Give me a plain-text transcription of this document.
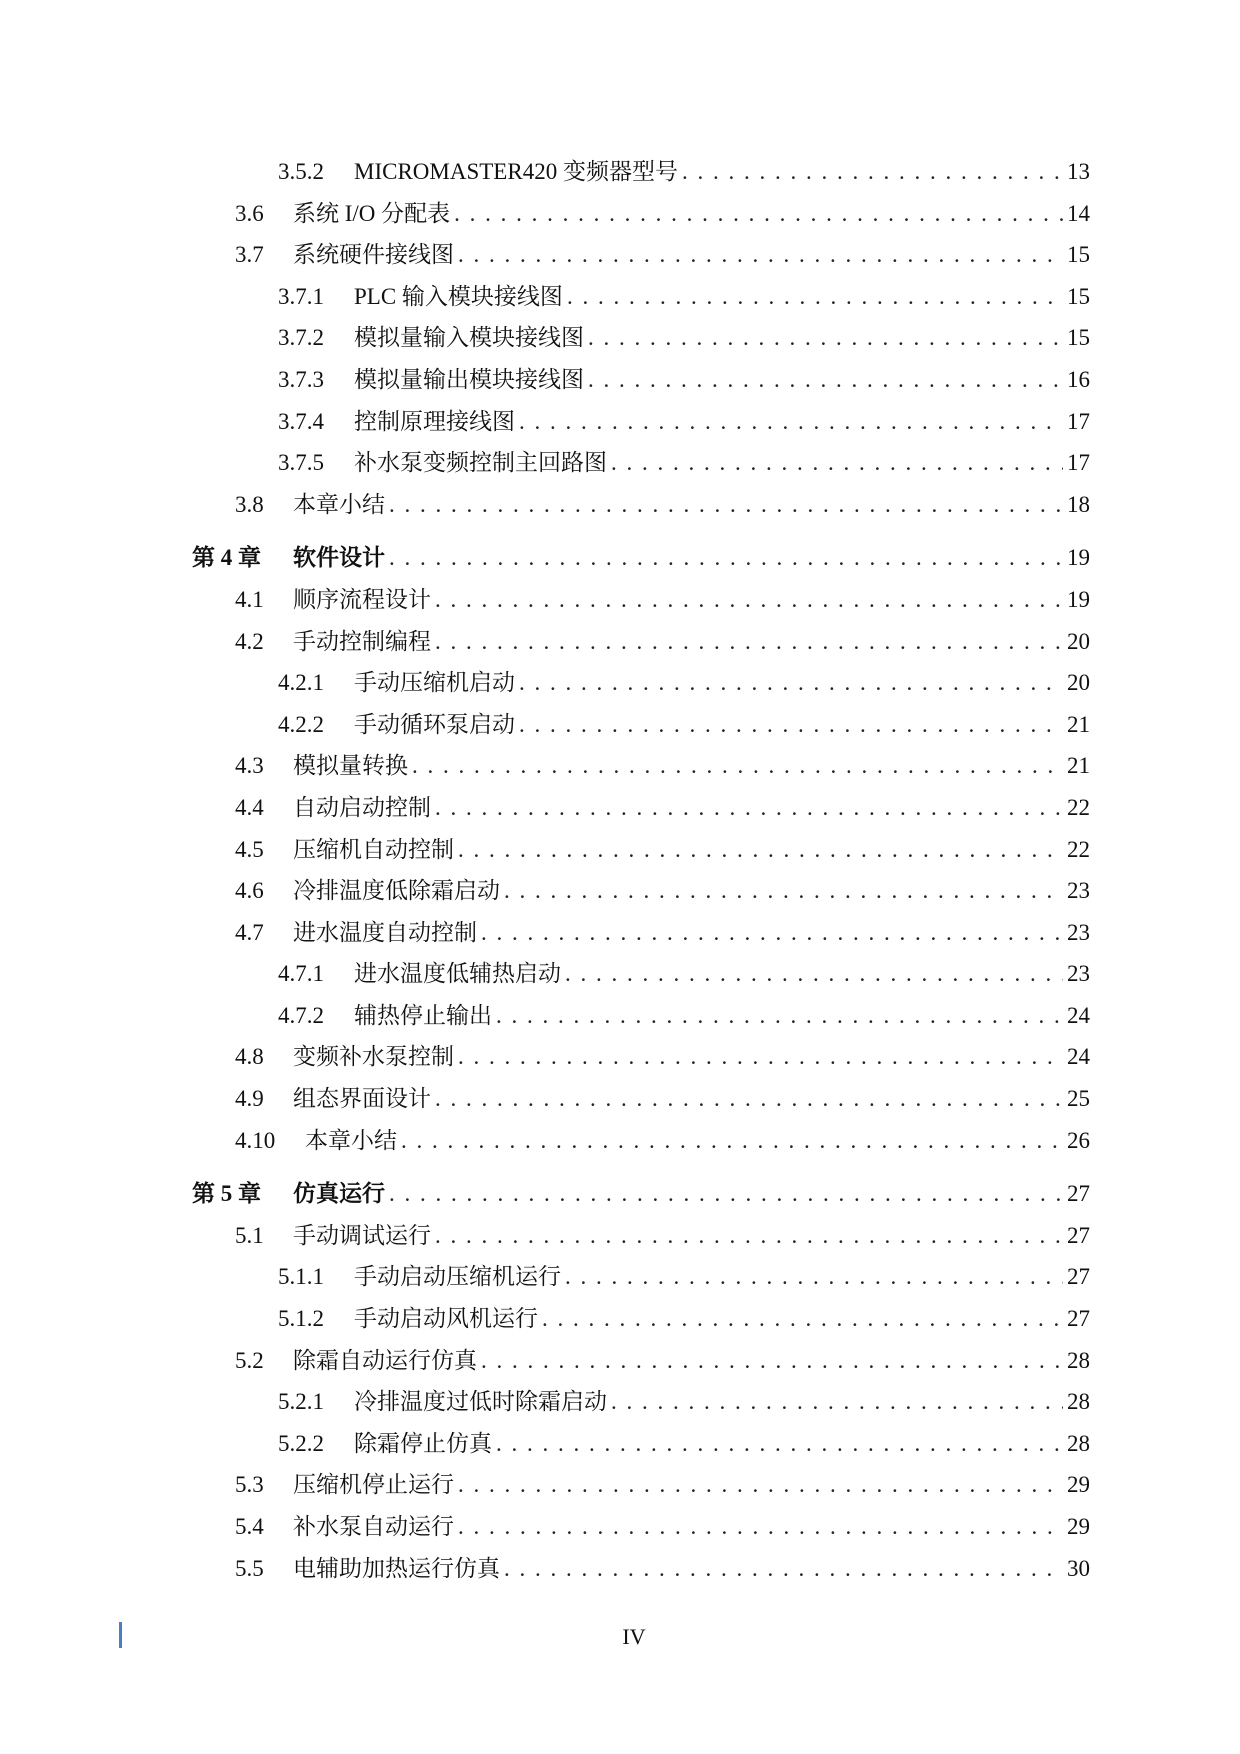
3.5.2	MICROMASTER420 变频器型号 . . .	13
3.6	系统 I/O 分配表 . . .	14
3.7	系统硬件接线图 . . .	15
3.7.1	PLC 输入模块接线图 . . .	15
3.7.2	模拟量输入模块接线图 . . .	15
3.7.3	模拟量输出模块接线图 . . .	16
3.7.4	控制原理接线图 . . .	17
3.7.5	补水泵变频控制主回路图 . . .	17
3.8	本章小结 . . .	18
第 4 章	软件设计 . . .	19
4.1	顺序流程设计 . . .	19
4.2	手动控制编程 . . .	20
4.2.1	手动压缩机启动 . . .	20
4.2.2	手动循环泵启动 . . .	21
4.3	模拟量转换 . . .	21
4.4	自动启动控制 . . .	22
4.5	压缩机自动控制 . . .	22
4.6	冷排温度低除霜启动 . . .	23
4.7	进水温度自动控制 . . .	23
4.7.1	进水温度低辅热启动 . . .	23
4.7.2	辅热停止输出 . . .	24
4.8	变频补水泵控制 . . .	24
4.9	组态界面设计 . . .	25
4.10	本章小结 . . .	26
第 5 章	仿真运行 . . .	27
5.1	手动调试运行 . . .	27
5.1.1	手动启动压缩机运行 . . .	27
5.1.2	手动启动风机运行 . . .	27
5.2	除霜自动运行仿真 . . .	28
5.2.1	冷排温度过低时除霜启动 . . .	28
5.2.2	除霜停止仿真 . . .	28
5.3	压缩机停止运行 . . .	29
5.4	补水泵自动运行 . . .	29
5.5	电辅助加热运行仿真 . . .	30
IV
